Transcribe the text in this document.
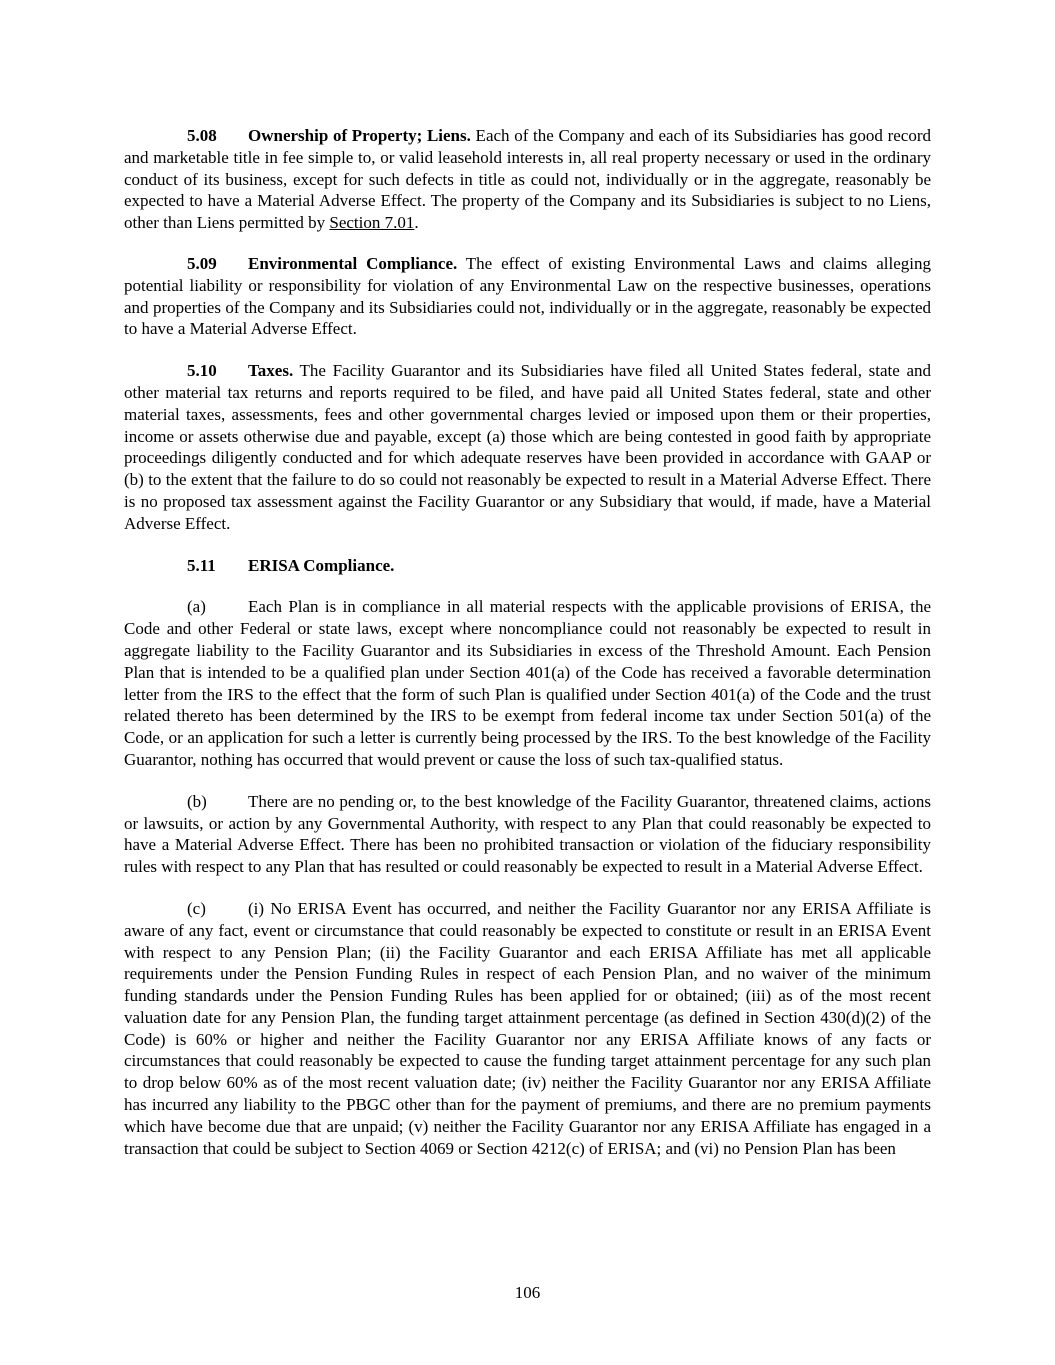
5.08 Ownership of Property; Liens. Each of the Company and each of its Subsidiaries has good record and marketable title in fee simple to, or valid leasehold interests in, all real property necessary or used in the ordinary conduct of its business, except for such defects in title as could not, individually or in the aggregate, reasonably be expected to have a Material Adverse Effect. The property of the Company and its Subsidiaries is subject to no Liens, other than Liens permitted by Section 7.01.

5.09 Environmental Compliance. The effect of existing Environmental Laws and claims alleging potential liability or responsibility for violation of any Environmental Law on the respective businesses, operations and properties of the Company and its Subsidiaries could not, individually or in the aggregate, reasonably be expected to have a Material Adverse Effect.

5.10 Taxes. The Facility Guarantor and its Subsidiaries have filed all United States federal, state and other material tax returns and reports required to be filed, and have paid all United States federal, state and other material taxes, assessments, fees and other governmental charges levied or imposed upon them or their properties, income or assets otherwise due and payable, except (a) those which are being contested in good faith by appropriate proceedings diligently conducted and for which adequate reserves have been provided in accordance with GAAP or (b) to the extent that the failure to do so could not reasonably be expected to result in a Material Adverse Effect. There is no proposed tax assessment against the Facility Guarantor or any Subsidiary that would, if made, have a Material Adverse Effect.

5.11 ERISA Compliance.

(a) Each Plan is in compliance in all material respects with the applicable provisions of ERISA, the Code and other Federal or state laws, except where noncompliance could not reasonably be expected to result in aggregate liability to the Facility Guarantor and its Subsidiaries in excess of the Threshold Amount. Each Pension Plan that is intended to be a qualified plan under Section 401(a) of the Code has received a favorable determination letter from the IRS to the effect that the form of such Plan is qualified under Section 401(a) of the Code and the trust related thereto has been determined by the IRS to be exempt from federal income tax under Section 501(a) of the Code, or an application for such a letter is currently being processed by the IRS. To the best knowledge of the Facility Guarantor, nothing has occurred that would prevent or cause the loss of such tax-qualified status.

(b) There are no pending or, to the best knowledge of the Facility Guarantor, threatened claims, actions or lawsuits, or action by any Governmental Authority, with respect to any Plan that could reasonably be expected to have a Material Adverse Effect. There has been no prohibited transaction or violation of the fiduciary responsibility rules with respect to any Plan that has resulted or could reasonably be expected to result in a Material Adverse Effect.

(c) (i) No ERISA Event has occurred, and neither the Facility Guarantor nor any ERISA Affiliate is aware of any fact, event or circumstance that could reasonably be expected to constitute or result in an ERISA Event with respect to any Pension Plan; (ii) the Facility Guarantor and each ERISA Affiliate has met all applicable requirements under the Pension Funding Rules in respect of each Pension Plan, and no waiver of the minimum funding standards under the Pension Funding Rules has been applied for or obtained; (iii) as of the most recent valuation date for any Pension Plan, the funding target attainment percentage (as defined in Section 430(d)(2) of the Code) is 60% or higher and neither the Facility Guarantor nor any ERISA Affiliate knows of any facts or circumstances that could reasonably be expected to cause the funding target attainment percentage for any such plan to drop below 60% as of the most recent valuation date; (iv) neither the Facility Guarantor nor any ERISA Affiliate has incurred any liability to the PBGC other than for the payment of premiums, and there are no premium payments which have become due that are unpaid; (v) neither the Facility Guarantor nor any ERISA Affiliate has engaged in a transaction that could be subject to Section 4069 or Section 4212(c) of ERISA; and (vi) no Pension Plan has been

106
